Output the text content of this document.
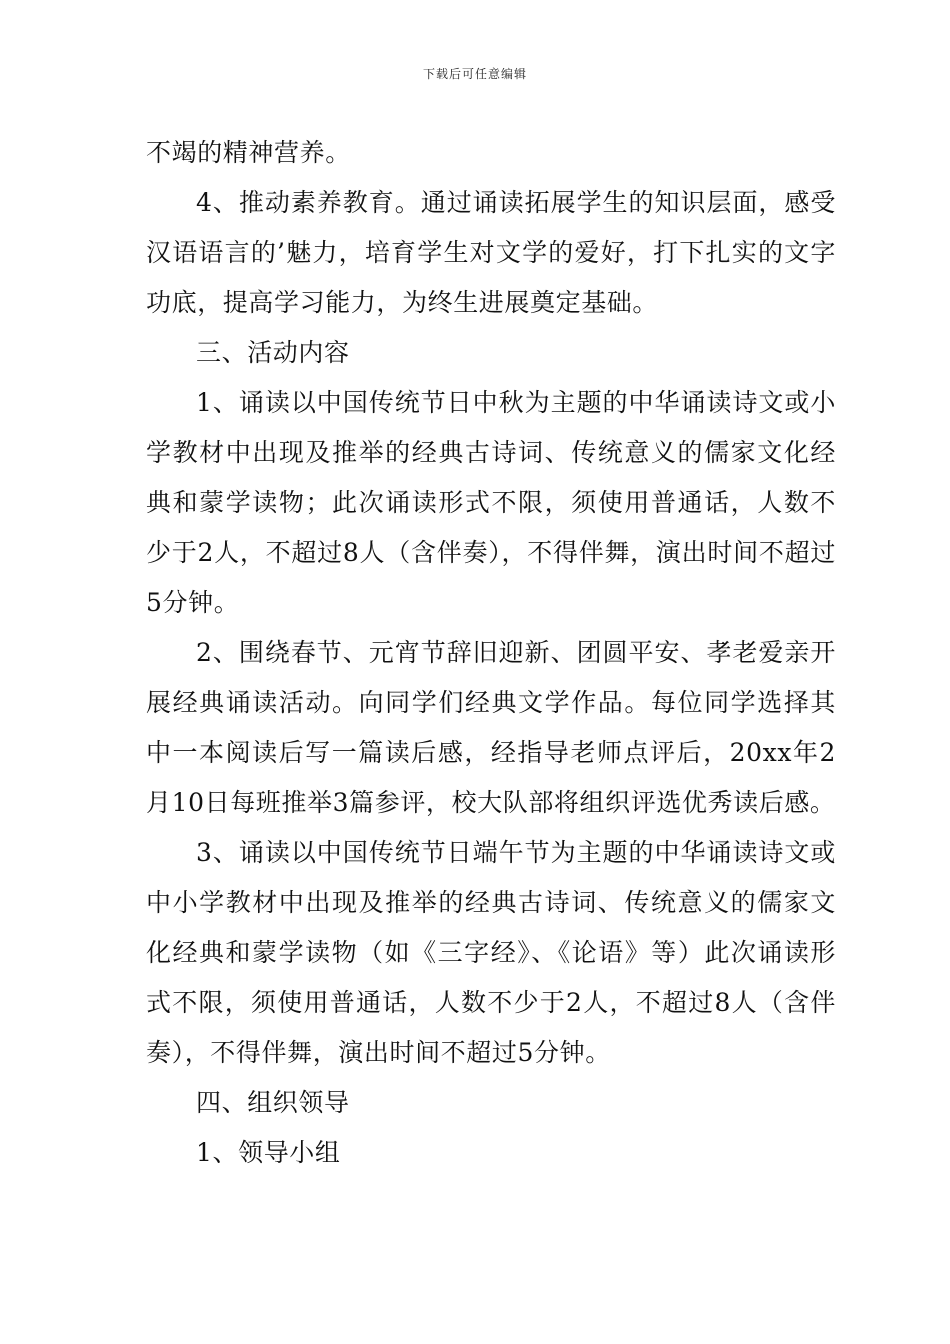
下载后可任意编辑

不竭的精神营养。

4、推动素养教育。通过诵读拓展学生的知识层面，感受汉语语言的’魅力，培育学生对文学的爱好，打下扎实的文字功底，提高学习能力，为终生进展奠定基础。

三、活动内容

1、诵读以中国传统节日中秋为主题的中华诵读诗文或小学教材中出现及推举的经典古诗词、传统意义的儒家文化经典和蒙学读物；此次诵读形式不限，须使用普通话，人数不少于2人，不超过8人（含伴奏），不得伴舞，演出时间不超过5分钟。

2、围绕春节、元宵节辞旧迎新、团圆平安、孝老爱亲开展经典诵读活动。向同学们经典文学作品。每位同学选择其中一本阅读后写一篇读后感，经指导老师点评后，20xx年2月10日每班推举3篇参评，校大队部将组织评选优秀读后感。

3、诵读以中国传统节日端午节为主题的中华诵读诗文或中小学教材中出现及推举的经典古诗词、传统意义的儒家文化经典和蒙学读物（如《三字经》、《论语》等）此次诵读形式不限，须使用普通话，人数不少于2人，不超过8人（含伴奏），不得伴舞，演出时间不超过5分钟。

四、组织领导

1、领导小组
